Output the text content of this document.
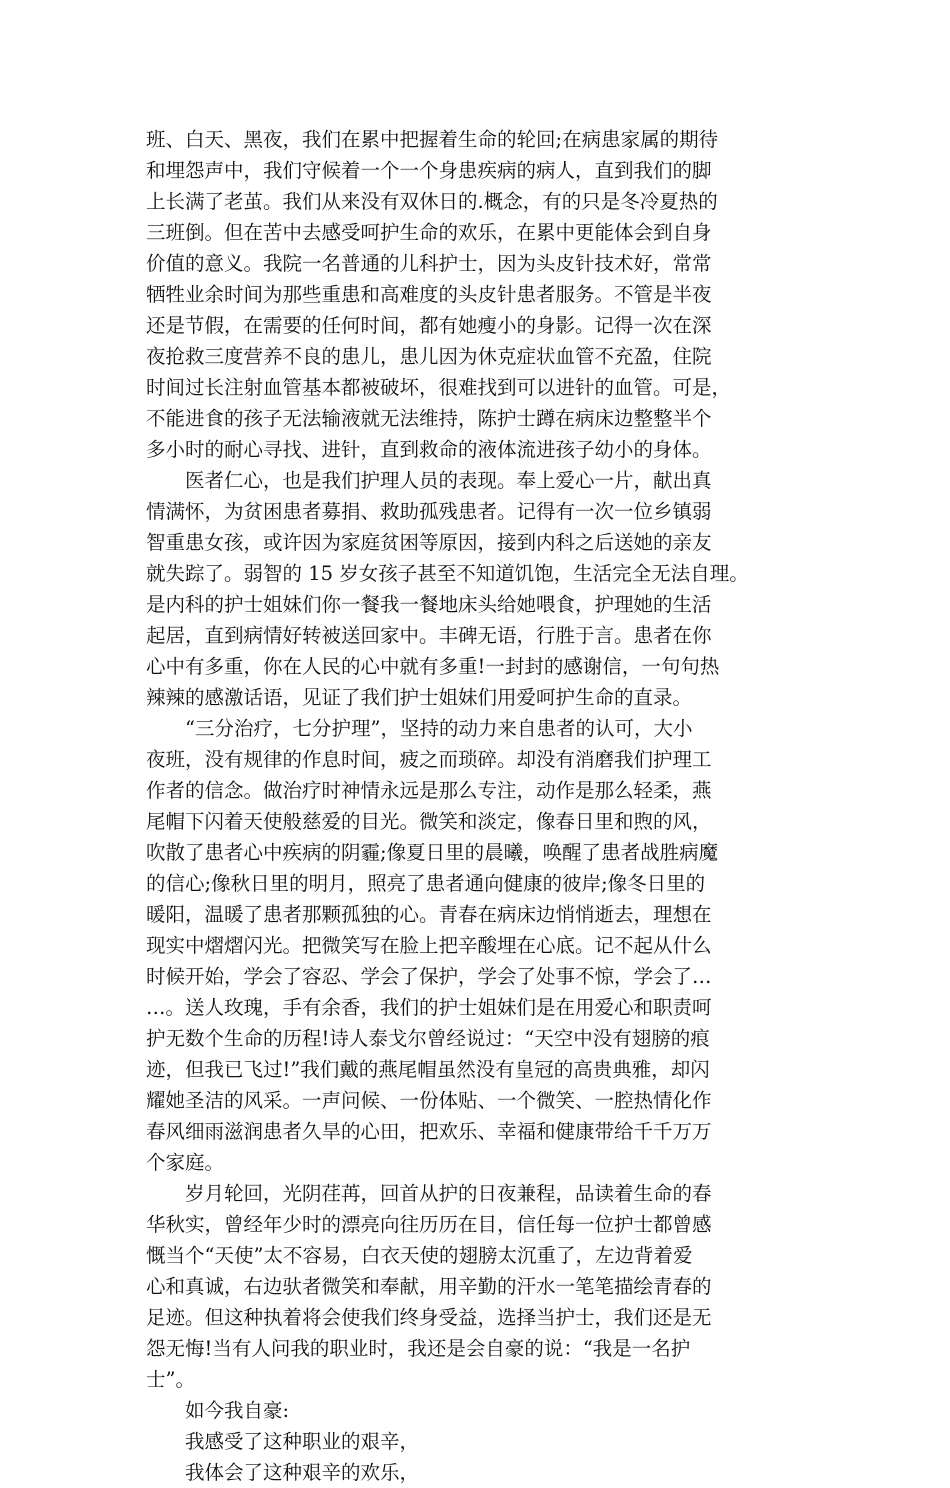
班、白天、黑夜，我们在累中把握着生命的轮回;在病患家属的期待
和埋怨声中，我们守候着一个一个身患疾病的病人，直到我们的脚
上长满了老茧。我们从来没有双休日的.概念，有的只是冬冷夏热的
三班倒。但在苦中去感受呵护生命的欢乐，在累中更能体会到自身
价值的意义。我院一名普通的儿科护士，因为头皮针技术好，常常
牺牲业余时间为那些重患和高难度的头皮针患者服务。不管是半夜
还是节假，在需要的任何时间，都有她瘦小的身影。记得一次在深
夜抢救三度营养不良的患儿，患儿因为休克症状血管不充盈，住院
时间过长注射血管基本都被破坏，很难找到可以进针的血管。可是，
不能进食的孩子无法输液就无法维持，陈护士蹲在病床边整整半个
多小时的耐心寻找、进针，直到救命的液体流进孩子幼小的身体。

医者仁心，也是我们护理人员的表现。奉上爱心一片，献出真
情满怀，为贫困患者募捐、救助孤残患者。记得有一次一位乡镇弱
智重患女孩，或许因为家庭贫困等原因，接到内科之后送她的亲友
就失踪了。弱智的 15 岁女孩子甚至不知道饥饱，生活完全无法自理。
是内科的护士姐妹们你一餐我一餐地床头给她喂食，护理她的生活
起居，直到病情好转被送回家中。丰碑无语，行胜于言。患者在你
心中有多重，你在人民的心中就有多重!一封封的感谢信，一句句热
辣辣的感激话语，见证了我们护士姐妹们用爱呵护生命的直录。

“三分治疗，七分护理”，坚持的动力来自患者的认可，大小
夜班，没有规律的作息时间，疲之而琐碎。却没有消磨我们护理工
作者的信念。做治疗时神情永远是那么专注，动作是那么轻柔，燕
尾帽下闪着天使般慈爱的目光。微笑和淡定，像春日里和煦的风，
吹散了患者心中疾病的阴霾;像夏日里的晨曦，唤醒了患者战胜病魔
的信心;像秋日里的明月，照亮了患者通向健康的彼岸;像冬日里的
暖阳，温暖了患者那颗孤独的心。青春在病床边悄悄逝去，理想在
现实中熠熠闪光。把微笑写在脸上把辛酸埋在心底。记不起从什么
时候开始，学会了容忍、学会了保护，学会了处事不惊，学会了…
…。送人玫瑰，手有余香，我们的护士姐妹们是在用爱心和职责呵
护无数个生命的历程!诗人泰戈尔曾经说过：“天空中没有翅膀的痕
迹，但我已飞过!”我们戴的燕尾帽虽然没有皇冠的高贵典雅，却闪
耀她圣洁的风采。一声问候、一份体贴、一个微笑、一腔热情化作
春风细雨滋润患者久旱的心田，把欢乐、幸福和健康带给千千万万
个家庭。

岁月轮回，光阴荏苒，回首从护的日夜兼程，品读着生命的春
华秋实，曾经年少时的漂亮向往历历在目，信任每一位护士都曾感
慨当个“天使”太不容易，白衣天使的翅膀太沉重了，左边背着爱
心和真诚，右边驮者微笑和奉献，用辛勤的汗水一笔笔描绘青春的
足迹。但这种执着将会使我们终身受益，选择当护士，我们还是无
怨无悔!当有人问我的职业时，我还是会自豪的说：“我是一名护
士”。

如今我自豪:

我感受了这种职业的艰辛，

我体会了这种艰辛的欢乐，
